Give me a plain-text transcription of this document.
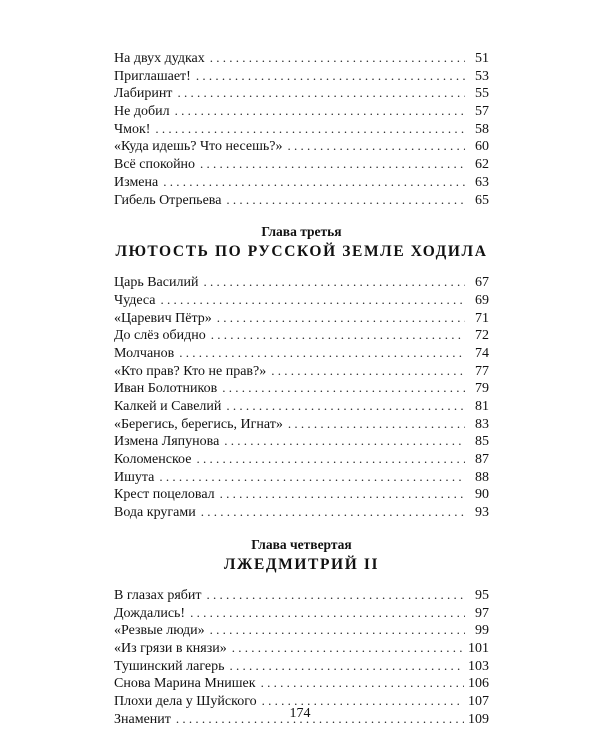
На двух дудках . . .	51
Приглашает! . . .	53
Лабиринт . . .	55
Не добил . . .	57
Чмок! . . .	58
«Куда идешь? Что несешь?» . . .	60
Всё спокойно . . .	62
Измена . . .	63
Гибель Отрепьева . . .	65
Глава третья
ЛЮТОСТЬ ПО РУССКОЙ ЗЕМЛЕ ХОДИЛА
Царь Василий . . .	67
Чудеса . . .	69
«Царевич Пётр» . . .	71
До слёз обидно . . .	72
Молчанов . . .	74
«Кто прав? Кто не прав?» . . .	77
Иван Болотников . . .	79
Калкей и Савелий . . .	81
«Берегись, берегись, Игнат» . . .	83
Измена Ляпунова . . .	85
Коломенское . . .	87
Ишута . . .	88
Крест поцеловал . . .	90
Вода кругами . . .	93
Глава четвертая
ЛЖЕДМИТРИЙ II
В глазах рябит . . .	95
Дождались! . . .	97
«Резвые люди» . . .	99
«Из грязи в князи» . . .	101
Тушинский лагерь . . .	103
Снова Марина Мнишек . . .	106
Плохи дела у Шуйского . . .	107
Знаменит . . .	109
174
